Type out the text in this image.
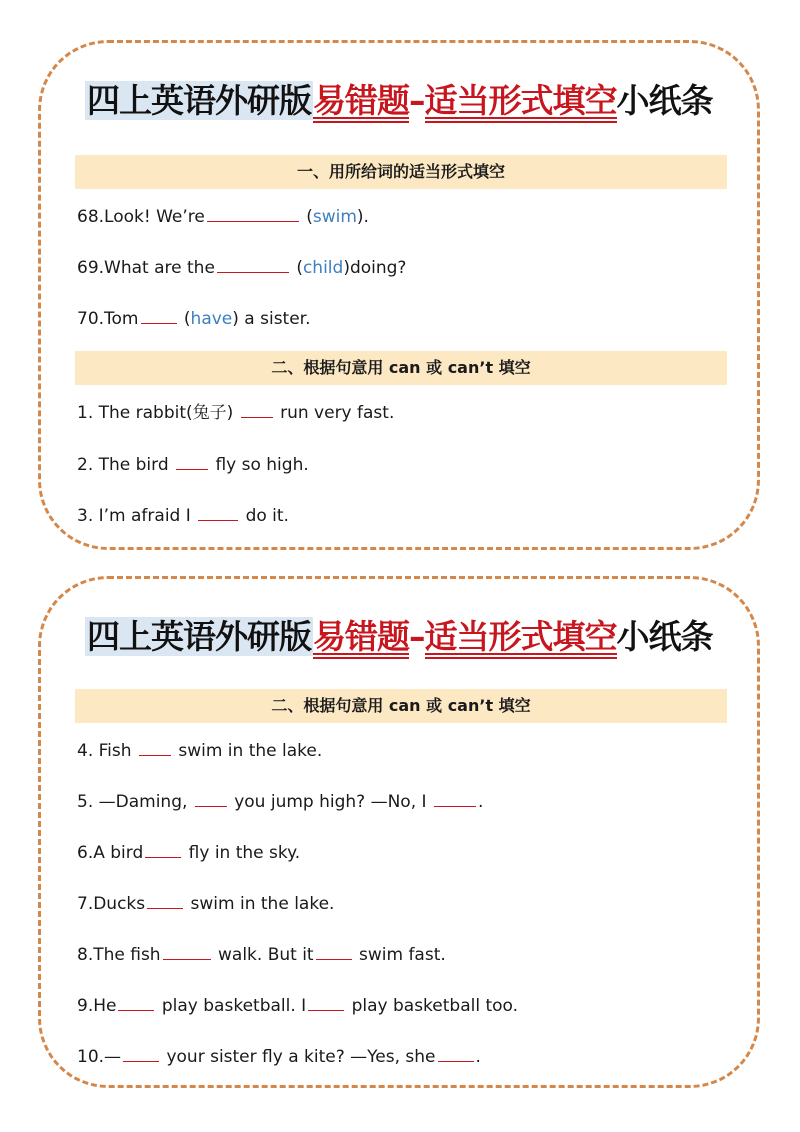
四上英语外研版易错题–适当形式填空小纸条
一、用所给词的适当形式填空
68.Look! We’re	(swim).
69.What are the	(child)doing?
70.Tom	(have) a sister.
二、根据句意用 can 或 can’t 填空
1. The rabbit(兔子)	run very fast.
2. The bird	fly so high.
3. I’m afraid I	do it.
四上英语外研版易错题–适当形式填空小纸条
二、根据句意用 can 或 can’t 填空
4. Fish	swim in the lake.
5. —Daming,	you jump high? —No, I	.
6.A bird	fly in the sky.
7.Ducks	swim in the lake.
8.The fish	walk. But it	swim fast.
9.He	play basketball. I	play basketball too.
10.—	your sister fly a kite? —Yes, she .
